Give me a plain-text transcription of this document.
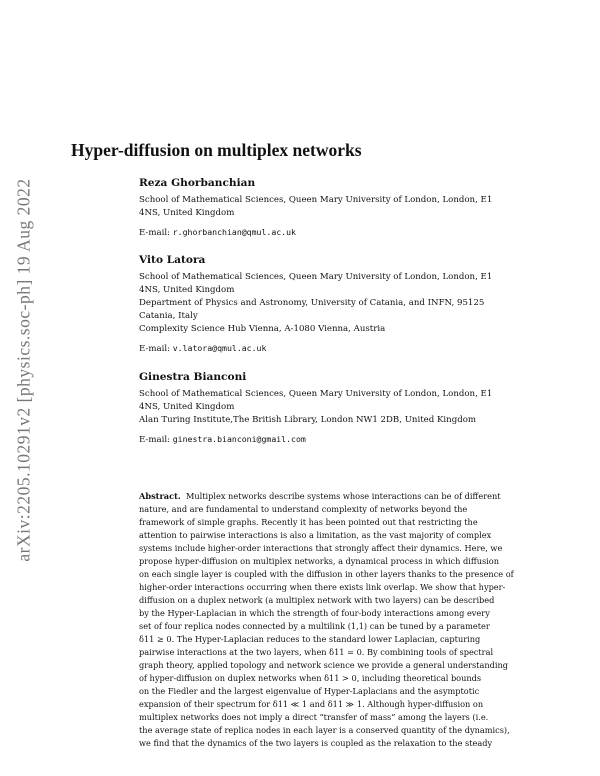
arXiv:2205.10291v2 [physics.soc-ph] 19 Aug 2022
Hyper-diffusion on multiplex networks
Reza Ghorbanchian
School of Mathematical Sciences, Queen Mary University of London, London, E1
4NS, United Kingdom
E-mail: r.ghorbanchian@qmul.ac.uk
Vito Latora
School of Mathematical Sciences, Queen Mary University of London, London, E1
4NS, United Kingdom
Department of Physics and Astronomy, University of Catania, and INFN, 95125
Catania, Italy
Complexity Science Hub Vienna, A-1080 Vienna, Austria
E-mail: v.latora@qmul.ac.uk
Ginestra Bianconi
School of Mathematical Sciences, Queen Mary University of London, London, E1
4NS, United Kingdom
Alan Turing Institute,The British Library, London NW1 2DB, United Kingdom
E-mail: ginestra.bianconi@gmail.com
Abstract. Multiplex networks describe systems whose interactions can be of different
nature, and are fundamental to understand complexity of networks beyond the
framework of simple graphs. Recently it has been pointed out that restricting the
attention to pairwise interactions is also a limitation, as the vast majority of complex
systems include higher-order interactions that strongly affect their dynamics. Here, we
propose hyper-diffusion on multiplex networks, a dynamical process in which diffusion
on each single layer is coupled with the diffusion in other layers thanks to the presence of
higher-order interactions occurring when there exists link overlap. We show that hyper-
diffusion on a duplex network (a multiplex network with two layers) can be described
by the Hyper-Laplacian in which the strength of four-body interactions among every
set of four replica nodes connected by a multilink (1,1) can be tuned by a parameter
δ11 ≥ 0. The Hyper-Laplacian reduces to the standard lower Laplacian, capturing
pairwise interactions at the two layers, when δ11 = 0. By combining tools of spectral
graph theory, applied topology and network science we provide a general understanding
of hyper-diffusion on duplex networks when δ11 > 0, including theoretical bounds
on the Fiedler and the largest eigenvalue of Hyper-Laplacians and the asymptotic
expansion of their spectrum for δ11 ≪ 1 and δ11 ≫ 1. Although hyper-diffusion on
multiplex networks does not imply a direct “transfer of mass” among the layers (i.e.
the average state of replica nodes in each layer is a conserved quantity of the dynamics),
we find that the dynamics of the two layers is coupled as the relaxation to the steady
